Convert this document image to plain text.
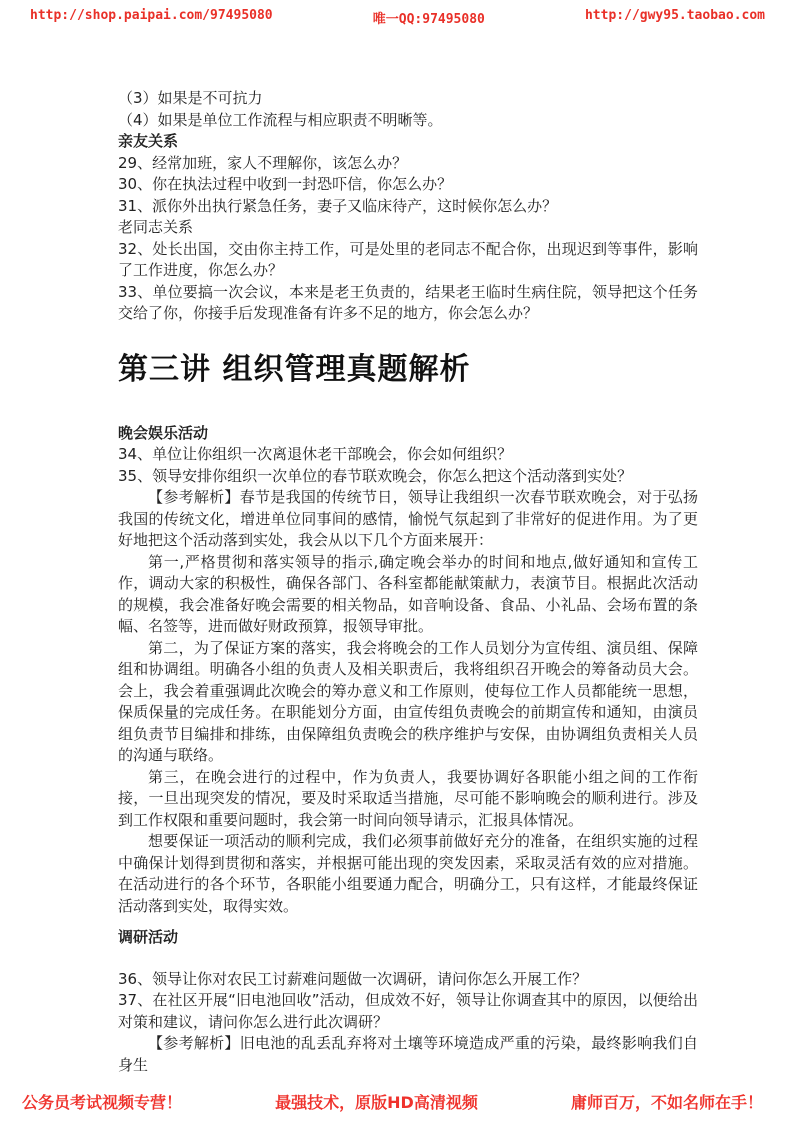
http://shop.paipai.com/97495080	唯一QQ:97495080	http://gwy95.taobao.com

（3）如果是不可抗力

（4）如果是单位工作流程与相应职责不明晰等。

亲友关系

29、经常加班，家人不理解你，该怎么办？

30、你在执法过程中收到一封恐吓信，你怎么办？

31、派你外出执行紧急任务，妻子又临床待产，这时候你怎么办？

老同志关系

32、处长出国，交由你主持工作，可是处里的老同志不配合你，出现迟到等事件，影响了工作进度，你怎么办？

33、单位要搞一次会议，本来是老王负责的，结果老王临时生病住院，领导把这个任务交给了你，你接手后发现准备有许多不足的地方，你会怎么办？

第三讲 组织管理真题解析

晚会娱乐活动

34、单位让你组织一次离退休老干部晚会，你会如何组织？

35、领导安排你组织一次单位的春节联欢晚会，你怎么把这个活动落到实处？

【参考解析】春节是我国的传统节日，领导让我组织一次春节联欢晚会，对于弘扬我国的传统文化，增进单位同事间的感情，愉悦气氛起到了非常好的促进作用。为了更好地把这个活动落到实处，我会从以下几个方面来展开：

第一,严格贯彻和落实领导的指示,确定晚会举办的时间和地点,做好通知和宣传工作，调动大家的积极性，确保各部门、各科室都能献策献力，表演节目。根据此次活动的规模，我会准备好晚会需要的相关物品，如音响设备、食品、小礼品、会场布置的条幅、名签等，进而做好财政预算，报领导审批。

第二，为了保证方案的落实，我会将晚会的工作人员划分为宣传组、演员组、保障组和协调组。明确各小组的负责人及相关职责后，我将组织召开晚会的筹备动员大会。会上，我会着重强调此次晚会的筹办意义和工作原则，使每位工作人员都能统一思想，保质保量的完成任务。在职能划分方面，由宣传组负责晚会的前期宣传和通知，由演员组负责节目编排和排练，由保障组负责晚会的秩序维护与安保，由协调组负责相关人员的沟通与联络。

第三，在晚会进行的过程中，作为负责人，我要协调好各职能小组之间的工作衔接，一旦出现突发的情况，要及时采取适当措施，尽可能不影响晚会的顺利进行。涉及到工作权限和重要问题时，我会第一时间向领导请示，汇报具体情况。

想要保证一项活动的顺利完成，我们必须事前做好充分的准备，在组织实施的过程中确保计划得到贯彻和落实，并根据可能出现的突发因素，采取灵活有效的应对措施。在活动进行的各个环节，各职能小组要通力配合，明确分工，只有这样，才能最终保证活动落到实处，取得实效。

调研活动

36、领导让你对农民工讨薪难问题做一次调研，请问你怎么开展工作？

37、在社区开展“旧电池回收”活动，但成效不好，领导让你调查其中的原因，以便给出对策和建议，请问你怎么进行此次调研？

【参考解析】旧电池的乱丢乱弃将对土壤等环境造成严重的污染，最终影响我们自身生

公务员考试视频专营！	最强技术，原版HD高清视频	庸师百万，不如名师在手！
